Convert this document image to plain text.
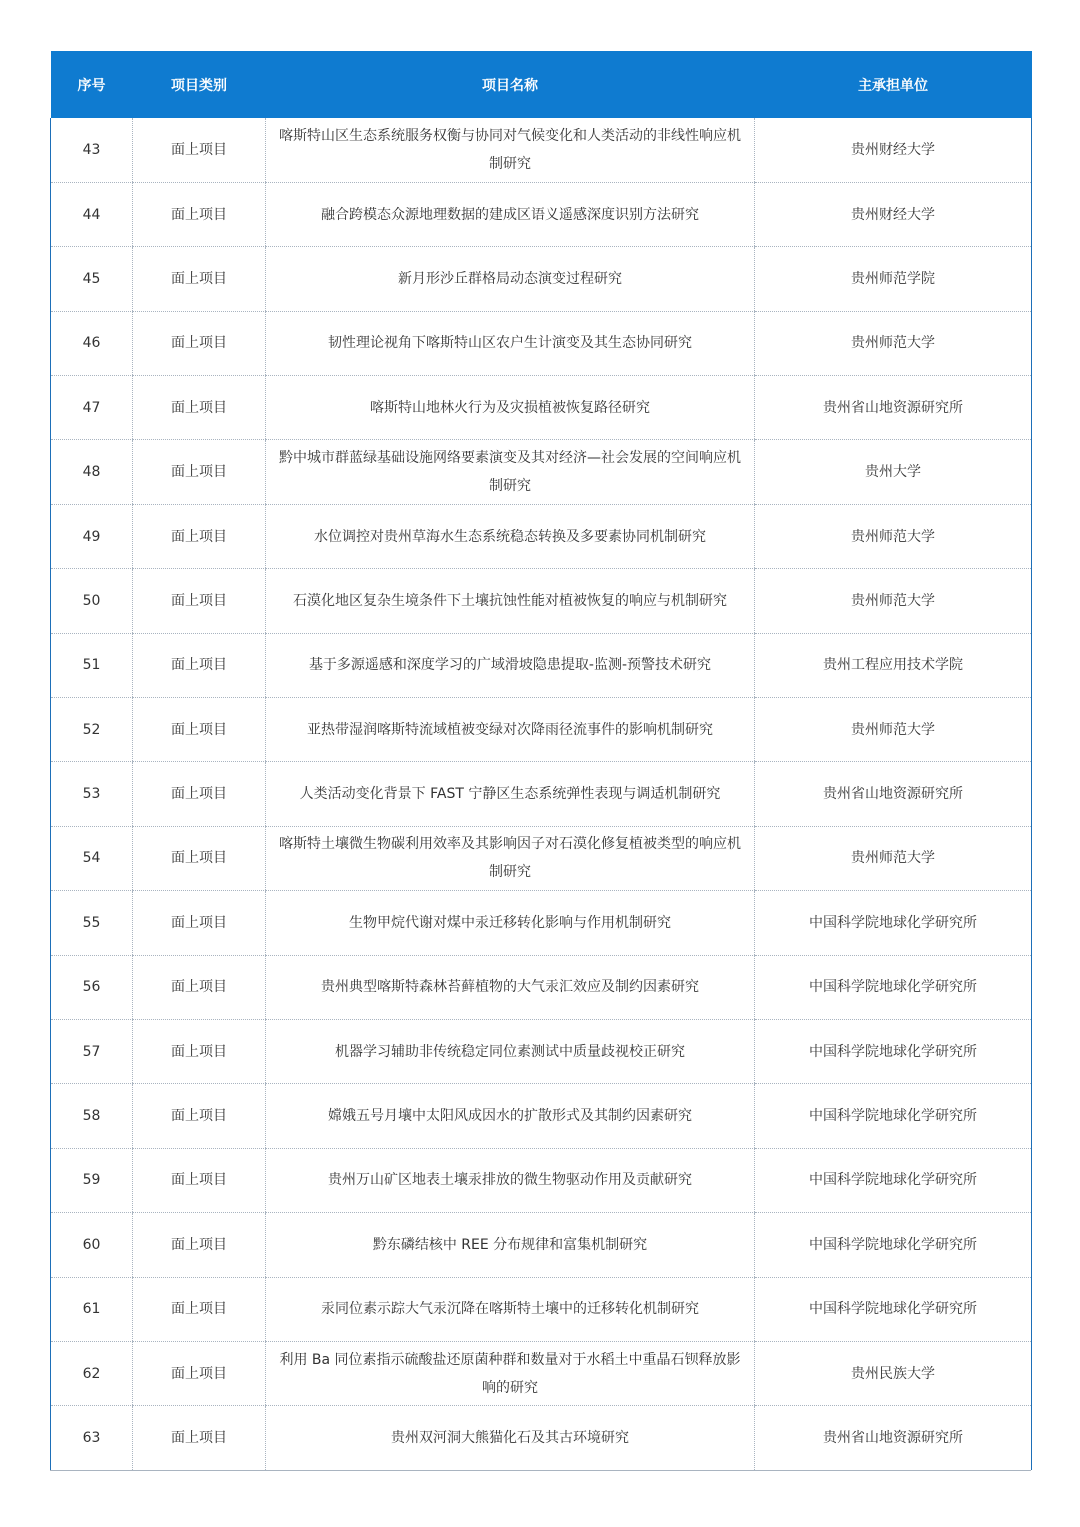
序号	项目类别	项目名称	主承担单位
43	面上项目	喀斯特山区生态系统服务权衡与协同对气候变化和人类活动的非线性响应机制研究	贵州财经大学
44	面上项目	融合跨模态众源地理数据的建成区语义遥感深度识别方法研究	贵州财经大学
45	面上项目	新月形沙丘群格局动态演变过程研究	贵州师范学院
46	面上项目	韧性理论视角下喀斯特山区农户生计演变及其生态协同研究	贵州师范大学
47	面上项目	喀斯特山地林火行为及灾损植被恢复路径研究	贵州省山地资源研究所
48	面上项目	黔中城市群蓝绿基础设施网络要素演变及其对经济—社会发展的空间响应机制研究	贵州大学
49	面上项目	水位调控对贵州草海水生态系统稳态转换及多要素协同机制研究	贵州师范大学
50	面上项目	石漠化地区复杂生境条件下土壤抗蚀性能对植被恢复的响应与机制研究	贵州师范大学
51	面上项目	基于多源遥感和深度学习的广域滑坡隐患提取-监测-预警技术研究	贵州工程应用技术学院
52	面上项目	亚热带湿润喀斯特流域植被变绿对次降雨径流事件的影响机制研究	贵州师范大学
53	面上项目	人类活动变化背景下 FAST 宁静区生态系统弹性表现与调适机制研究	贵州省山地资源研究所
54	面上项目	喀斯特土壤微生物碳利用效率及其影响因子对石漠化修复植被类型的响应机制研究	贵州师范大学
55	面上项目	生物甲烷代谢对煤中汞迁移转化影响与作用机制研究	中国科学院地球化学研究所
56	面上项目	贵州典型喀斯特森林苔藓植物的大气汞汇效应及制约因素研究	中国科学院地球化学研究所
57	面上项目	机器学习辅助非传统稳定同位素测试中质量歧视校正研究	中国科学院地球化学研究所
58	面上项目	嫦娥五号月壤中太阳风成因水的扩散形式及其制约因素研究	中国科学院地球化学研究所
59	面上项目	贵州万山矿区地表土壤汞排放的微生物驱动作用及贡献研究	中国科学院地球化学研究所
60	面上项目	黔东磷结核中 REE 分布规律和富集机制研究	中国科学院地球化学研究所
61	面上项目	汞同位素示踪大气汞沉降在喀斯特土壤中的迁移转化机制研究	中国科学院地球化学研究所
62	面上项目	利用 Ba 同位素指示硫酸盐还原菌种群和数量对于水稻土中重晶石钡释放影响的研究	贵州民族大学
63	面上项目	贵州双河洞大熊猫化石及其古环境研究	贵州省山地资源研究所
